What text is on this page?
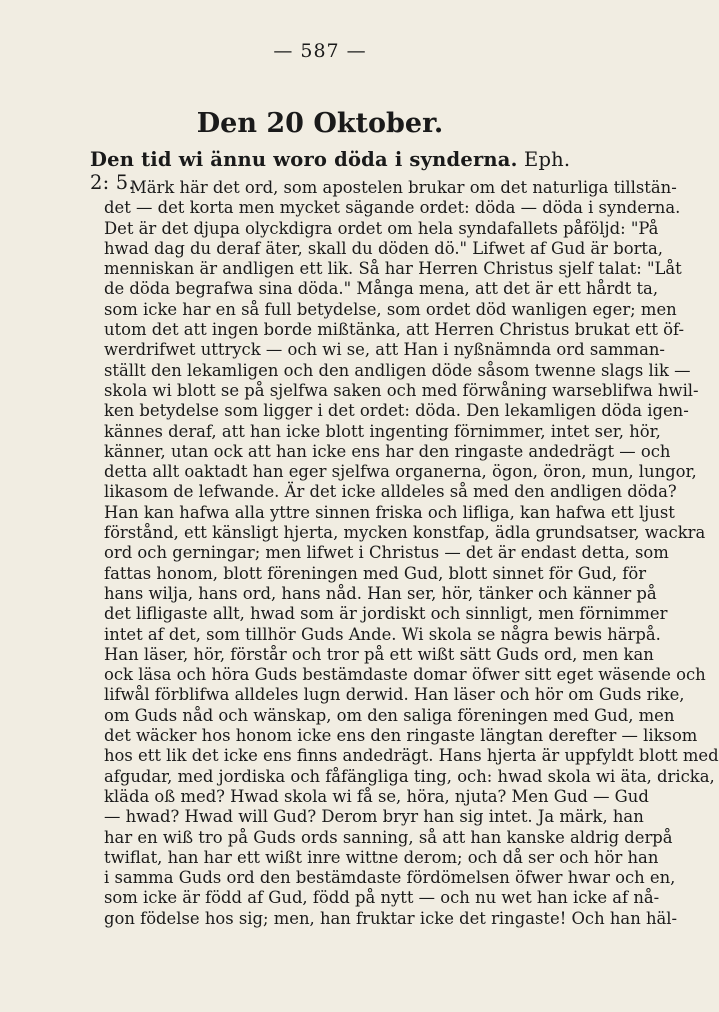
— 587 —
Den 20 Oktober.
Den tid wi ännu woro döda i synderna. Eph. 2: 5.
Märk här det ord, som apostelen brukar om det naturliga tillstän-
det — det korta men mycket sägande ordet: döda — döda i synderna.
Det är det djupa olyckdigra ordet om hela syndafallets påföljd: "På
hwad dag du deraf äter, skall du döden dö." Lifwet af Gud är borta,
menniskan är andligen ett lik. Så har Herren Christus sjelf talat: "Låt
de döda begrafwa sina döda." Många mena, att det är ett hårdt ta,
som icke har en så full betydelse, som ordet död wanligen eger; men
utom det att ingen borde mißtänka, att Herren Christus brukat ett öf-
werdrifwet uttryck — och wi se, att Han i nyßnämnda ord samman-
ställt den lekamligen och den andligen döde såsom twenne slags lik —
skola wi blott se på sjelfwa saken och med förwåning warseblifwa hwil-
ken betydelse som ligger i det ordet: döda. Den lekamligen döda igen-
kännes deraf, att han icke blott ingenting förnimmer, intet ser, hör,
känner, utan ock att han icke ens har den ringaste andedrägt — och
detta allt oaktadt han eger sjelfwa organerna, ögon, öron, mun, lungor,
likasom de lefwande. Är det icke alldeles så med den andligen döda?
Han kan hafwa alla yttre sinnen friska och lifliga, kan hafwa ett ljust
förstånd, ett känsligt hjerta, mycken konstfap, ädla grundsatser, wackra
ord och gerningar; men lifwet i Christus — det är endast detta, som
fattas honom, blott föreningen med Gud, blott sinnet för Gud, för
hans wilja, hans ord, hans nåd. Han ser, hör, tänker och känner på
det lifligaste allt, hwad som är jordiskt och sinnligt, men förnimmer
intet af det, som tillhör Guds Ande. Wi skola se några bewis härpå.
Han läser, hör, förstår och tror på ett wißt sätt Guds ord, men kan
ock läsa och höra Guds bestämdaste domar öfwer sitt eget wäsende och
lifwål förblifwa alldeles lugn derwid. Han läser och hör om Guds rike,
om Guds nåd och wänskap, om den saliga föreningen med Gud, men
det wäcker hos honom icke ens den ringaste längtan derefter — liksom
hos ett lik det icke ens finns andedrägt. Hans hjerta är uppfyldt blott med
afgudar, med jordiska och fåfängliga ting, och: hwad skola wi äta, dricka,
kläda oß med? Hwad skola wi få se, höra, njuta? Men Gud — Gud
— hwad? Hwad will Gud? Derom bryr han sig intet. Ja märk, han
har en wiß tro på Guds ords sanning, så att han kanske aldrig derpå
twiflat, han har ett wißt inre wittne derom; och då ser och hör han
i samma Guds ord den bestämdaste fördömelsen öfwer hwar och en,
som icke är född af Gud, född på nytt — och nu wet han icke af nå-
gon födelse hos sig; men, han fruktar icke det ringaste! Och han häl-
